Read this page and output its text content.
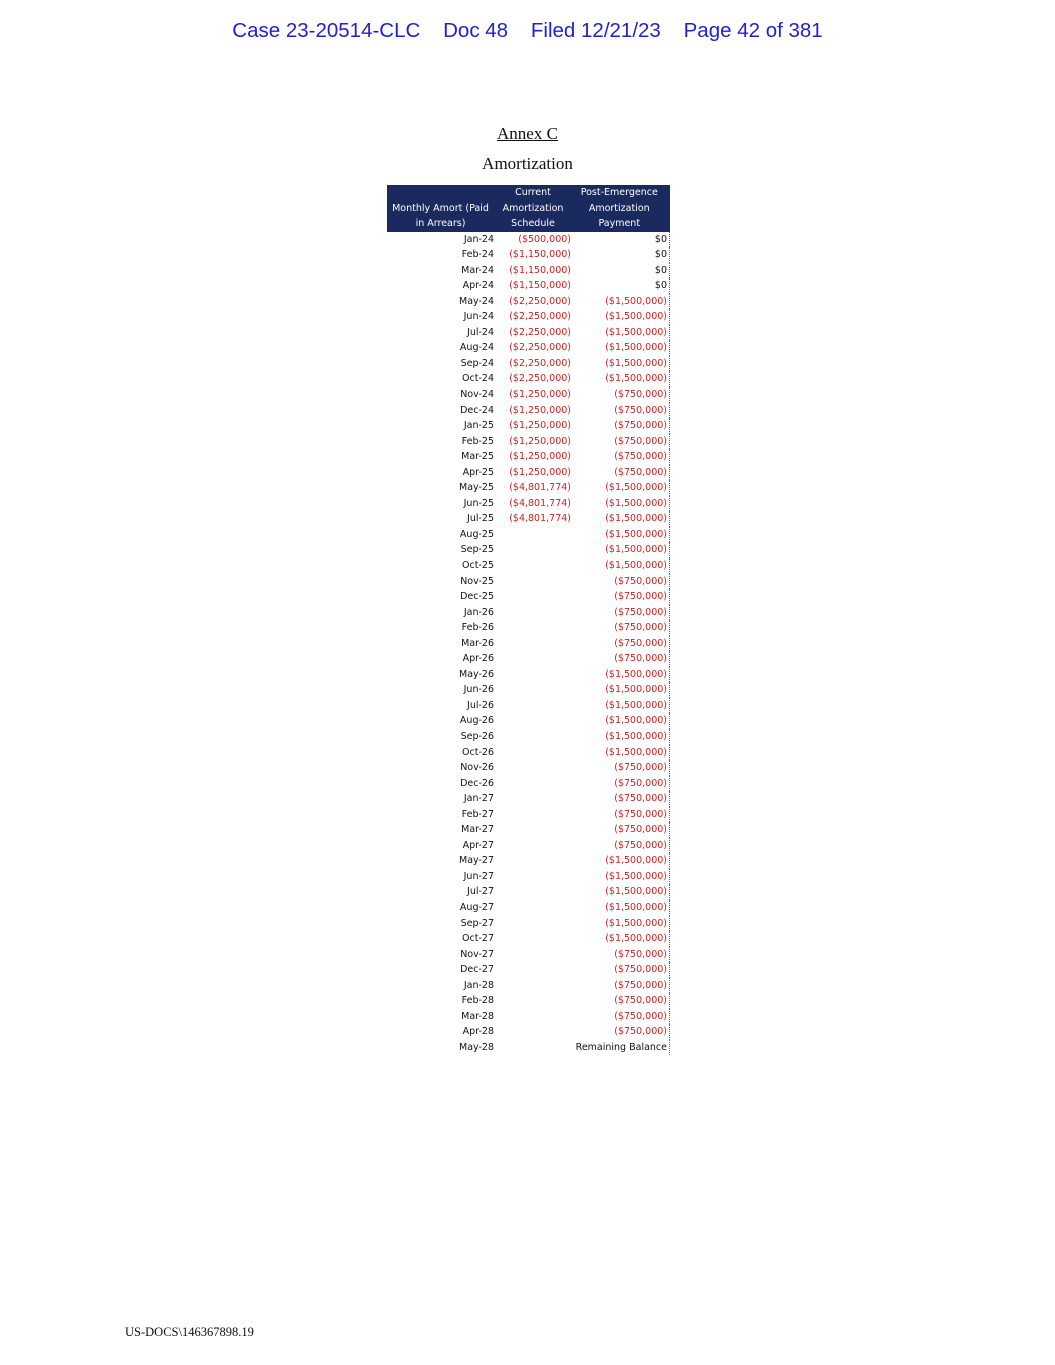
Case 23-20514-CLC Doc 48 Filed 12/21/23 Page 42 of 381
Annex C
Amortization
Monthly Amort (Paid in Arrears)	Current Amortization Schedule	Post-Emergence Amortization Payment
Jan-24	($500,000)	$0
Feb-24	($1,150,000)	$0
Mar-24	($1,150,000)	$0
Apr-24	($1,150,000)	$0
May-24	($2,250,000)	($1,500,000)
Jun-24	($2,250,000)	($1,500,000)
Jul-24	($2,250,000)	($1,500,000)
Aug-24	($2,250,000)	($1,500,000)
Sep-24	($2,250,000)	($1,500,000)
Oct-24	($2,250,000)	($1,500,000)
Nov-24	($1,250,000)	($750,000)
Dec-24	($1,250,000)	($750,000)
Jan-25	($1,250,000)	($750,000)
Feb-25	($1,250,000)	($750,000)
Mar-25	($1,250,000)	($750,000)
Apr-25	($1,250,000)	($750,000)
May-25	($4,801,774)	($1,500,000)
Jun-25	($4,801,774)	($1,500,000)
Jul-25	($4,801,774)	($1,500,000)
Aug-25		($1,500,000)
Sep-25		($1,500,000)
Oct-25		($1,500,000)
Nov-25		($750,000)
Dec-25		($750,000)
Jan-26		($750,000)
Feb-26		($750,000)
Mar-26		($750,000)
Apr-26		($750,000)
May-26		($1,500,000)
Jun-26		($1,500,000)
Jul-26		($1,500,000)
Aug-26		($1,500,000)
Sep-26		($1,500,000)
Oct-26		($1,500,000)
Nov-26		($750,000)
Dec-26		($750,000)
Jan-27		($750,000)
Feb-27		($750,000)
Mar-27		($750,000)
Apr-27		($750,000)
May-27		($1,500,000)
Jun-27		($1,500,000)
Jul-27		($1,500,000)
Aug-27		($1,500,000)
Sep-27		($1,500,000)
Oct-27		($1,500,000)
Nov-27		($750,000)
Dec-27		($750,000)
Jan-28		($750,000)
Feb-28		($750,000)
Mar-28		($750,000)
Apr-28		($750,000)
May-28		Remaining Balance
US-DOCS\146367898.19
